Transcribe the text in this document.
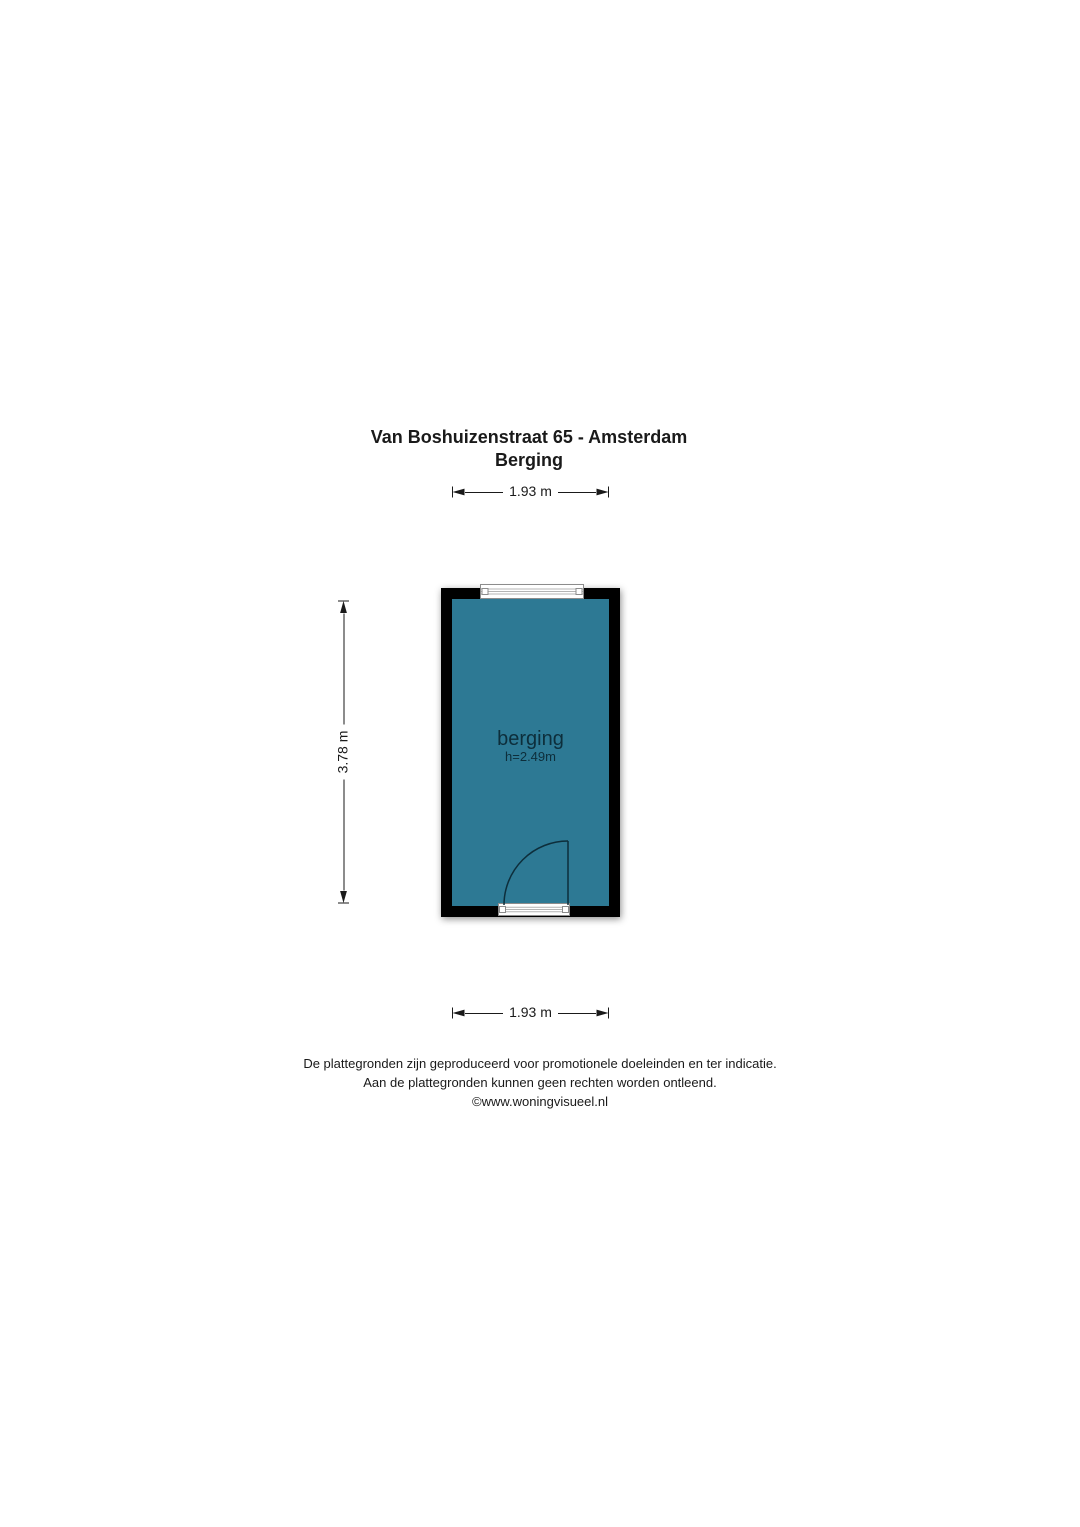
Van Boshuizenstraat 65 - Amsterdam
Berging
1.93 m
3.78 m	berging
h=2.49m
1.93 m
De plattegronden zijn geproduceerd voor promotionele doeleinden en ter indicatie.
Aan de plattegronden kunnen geen rechten worden ontleend.
©www.woningvisueel.nl
